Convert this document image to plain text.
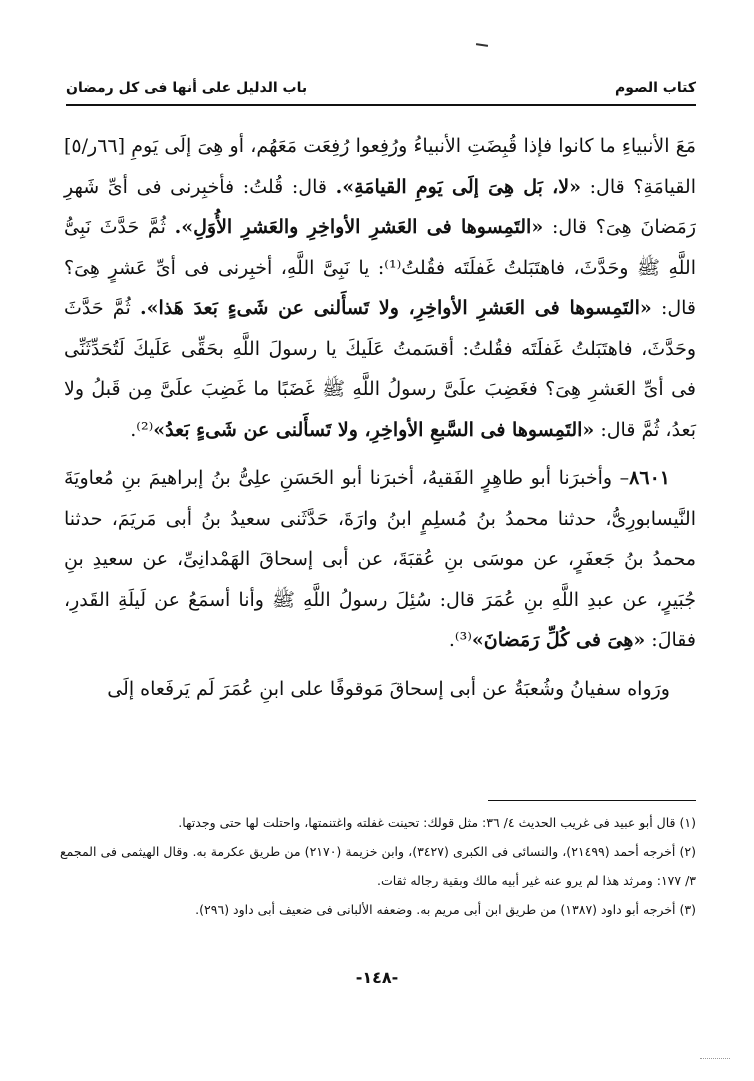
كتاب الصوم
باب الدليل على أنها فى كل رمضان

مَعَ الأنبياءِ ما كانوا فإذا قُبِضَتِ الأنبياءُ ورُفِعوا رُفِعَت مَعَهُم، أو هِىَ إلَى يَومِ [٦٦ر/٥] القيامَةِ؟ قال: «لا، بَل هِىَ إلَى يَومِ القيامَةِ». قال: قُلتُ: فأخبِرنى فى أىِّ شَهرِ رَمَضانَ هِىَ؟ قال: «التَمِسوها فى العَشرِ الأواخِرِ والعَشرِ الأُوَلِ». ثُمَّ حَدَّثَ نَبِىُّ اللَّهِ ﷺ وحَدَّثَ، فاهتَبَلتُ غَفلَتَه فقُلتُ⁽¹⁾: يا نَبِىَّ اللَّهِ، أخبِرنى فى أىِّ عَشرٍ هِىَ؟ قال: «التَمِسوها فى العَشرِ الأواخِرِ، ولا تَسأَلنى عن شَىءٍ بَعدَ هَذا». ثُمَّ حَدَّثَ وحَدَّثَ، فاهتَبَلتُ غَفلَتَه فقُلتُ: أقسَمتُ عَلَيكَ يا رسولَ اللَّهِ بحَقِّى عَلَيكَ لَتُحَدِّثَنِّى فى أىِّ العَشرِ هِىَ؟ فغَضِبَ علَىَّ رسولُ اللَّهِ ﷺ غَضَبًا ما غَضِبَ علَىَّ مِن قَبلُ ولا بَعدُ، ثُمَّ قال: «التَمِسوها فى السَّبعِ الأواخِرِ، ولا تَسأَلنى عن شَىءٍ بَعدُ»⁽²⁾.

٨٦٠١– وأخبرَنا أبو طاهِرٍ الفَقيهُ، أخبرَنا أبو الحَسَنِ علِىُّ بنُ إبراهيمَ بنِ مُعاويَةَ النَّيسابورِىُّ، حدثنا محمدُ بنُ مُسلِمٍ ابنُ وارَةَ، حَدَّثَنى سعيدُ بنُ أبى مَريَمَ، حدثنا محمدُ بنُ جَعفَرٍ، عن موسَى بنِ عُقبَةَ، عن أبى إسحاقَ الهَمْدانِىِّ، عن سعيدِ بنِ جُبَيرٍ، عن عبدِ اللَّهِ بنِ عُمَرَ قال: سُئِلَ رسولُ اللَّهِ ﷺ وأنا أسمَعُ عن لَيلَةِ القَدرِ، فقالَ: «هِىَ فى كُلِّ رَمَضانَ»⁽³⁾.

ورَواه سفيانُ وشُعبَةُ عن أبى إسحاقَ مَوقوفًا على ابنِ عُمَرَ لَم يَرفَعاه إلَى

(١) قال أبو عبيد فى غريب الحديث ٤/ ٣٦: مثل قولك: تحينت غفلته واغتنمتها، واحتلت لها حتى وجدتها.

(٢) أخرجه أحمد (٢١٤٩٩)، والنسائى فى الكبرى (٣٤٢٧)، وابن خزيمة (٢١٧٠) من طريق عكرمة به. وقال الهيثمى فى المجمع ٣/ ١٧٧: ومرثد هذا لم يرو عنه غير أبيه مالك وبقية رجاله ثقات.

(٣) أخرجه أبو داود (١٣٨٧) من طريق ابن أبى مريم به. وضعفه الألبانى فى ضعيف أبى داود (٢٩٦).

-١٤٨-
